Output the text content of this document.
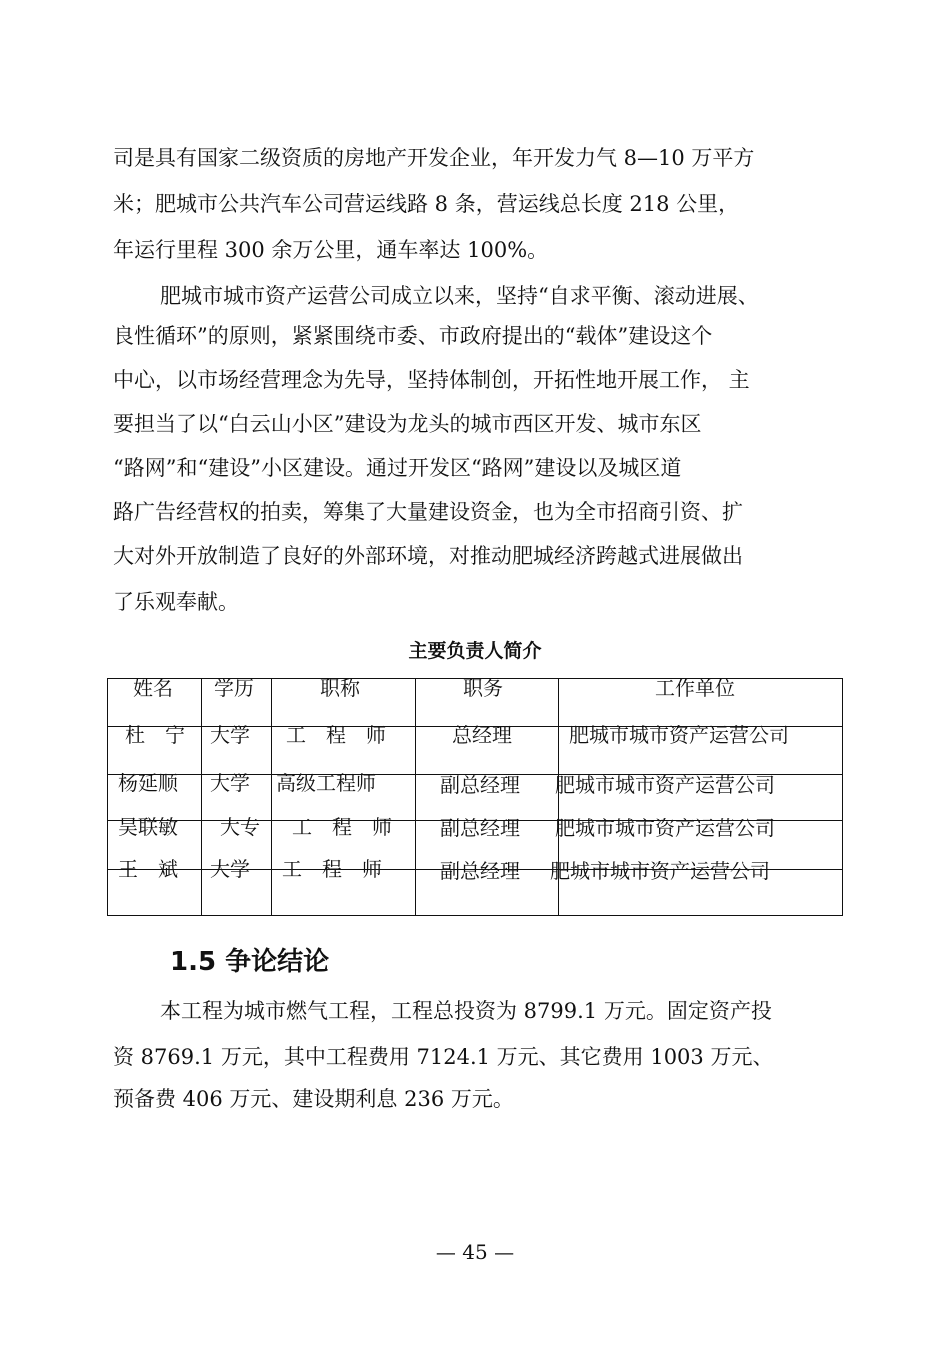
司是具有国家二级资质的房地产开发企业，年开发力气 8—10 万平方
米；肥城市公共汽车公司营运线路 8 条，营运线总长度 218 公里，
年运行里程 300 余万公里，通车率达 100%。
肥城市城市资产运营公司成立以来，坚持“自求平衡、滚动进展、
良性循环”的原则，紧紧围绕市委、市政府提出的“载体”建设这个
中心，以市场经营理念为先导，坚持体制创，开拓性地开展工作， 主
要担当了以“白云山小区”建设为龙头的城市西区开发、城市东区
“路网”和“建设”小区建设。通过开发区“路网”建设以及城区道
路广告经营权的拍卖，筹集了大量建设资金，也为全市招商引资、扩
大对外开放制造了良好的外部环境，对推动肥城经济跨越式进展做出
了乐观奉献。
主要负责人简介
姓名 学历	职称	职务	工作单位
杜宁 大学 工程师 总经理	肥城市城市资产运营公司
杨延顺 大学 高级工程师	副总经理 肥城市城市资产运营公司
吴联敏 大专 工程师 副总经理 肥城市城市资产运营公司
王斌 大学 工程师 副总经理 肥城市城市资产运营公司
1.5 争论结论
本工程为城市燃气工程，工程总投资为 8799.1 万元。固定资产投
资 8769.1 万元，其中工程费用 7124.1 万元、其它费用 1003 万元、
预备费 406 万元、建设期利息 236 万元。
— 45 —
